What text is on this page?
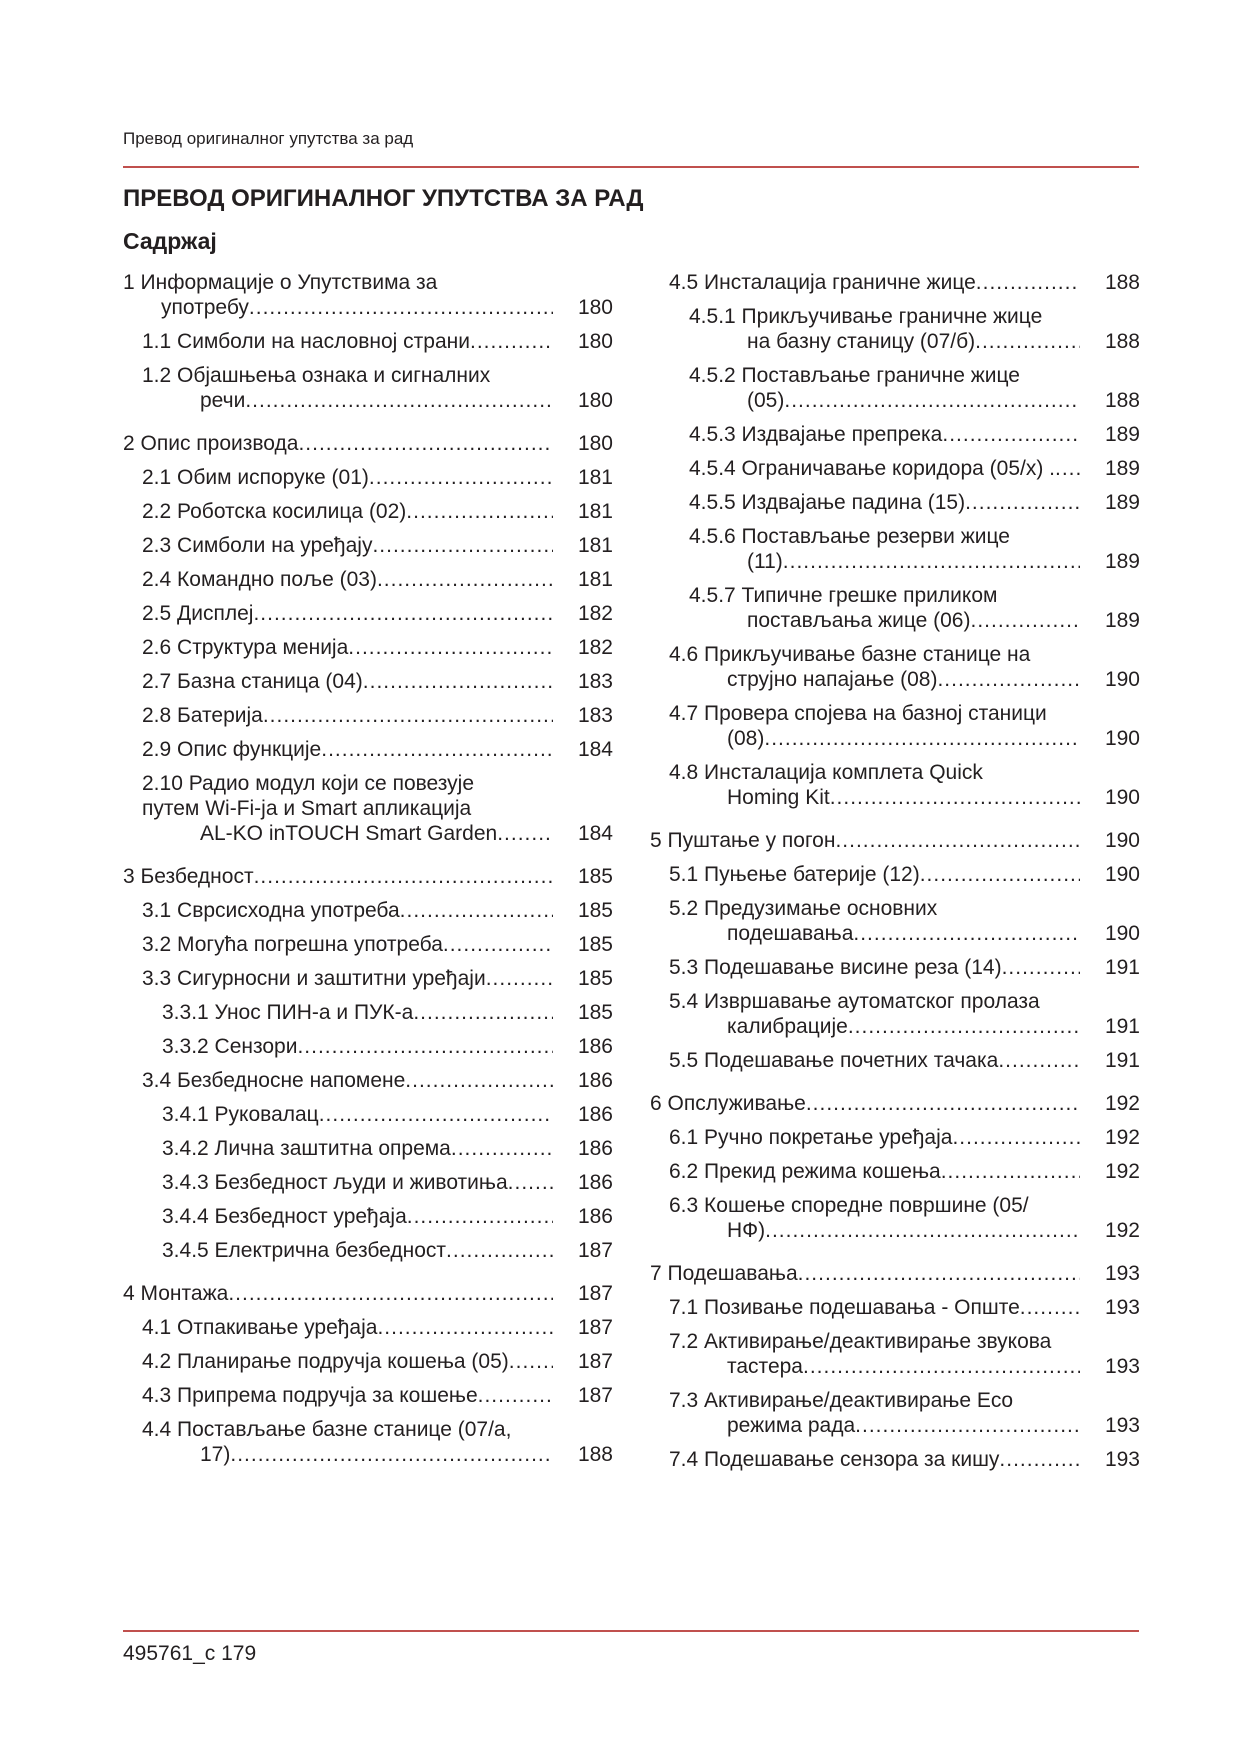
Превод оригиналног упутства за рад
ПРЕВОД ОРИГИНАЛНОГ УПУТСТВА ЗА РАД
Садржај
1 Информације о Упутствима за
употребу .....	180
1.1 Симболи на насловној страни .....	180
1.2 Објашњења ознака и сигналних
речи .....	180
2 Опис производа .....	180
2.1 Обим испоруке (01) .....	181
2.2 Роботска косилица (02) .....	181
2.3 Симболи на уређају .....	181
2.4 Командно поље (03) .....	181
2.5 Дисплеј .....	182
2.6 Структура менија .....	182
2.7 Базна станица (04) .....	183
2.8 Батерија .....	183
2.9 Опис функције .....	184
2.10 Радио модул који се повезује
путем Wi-Fi-ја и Smart апликација
AL-KO inTOUCH Smart Garden .....	184
3 Безбедност .....	185
3.1 Сврсисходна употреба .....	185
3.2 Могућа погрешна употреба .....	185
3.3 Сигурносни и заштитни уређаји .....	185
3.3.1 Унос ПИН-а и ПУК-а .....	185
3.3.2 Сензори .....	186
3.4 Безбедносне напомене .....	186
3.4.1 Руковалац .....	186
3.4.2 Лична заштитна опрема .....	186
3.4.3 Безбедност људи и животиња .....	186
3.4.4 Безбедност уређаја .....	186
3.4.5 Електрична безбедност .....	187
4 Монтажа .....	187
4.1 Отпакивање уређаја .....	187
4.2 Планирање подручја кошења (05) .....	187
4.3 Припрема подручја за кошење .....	187
4.4 Постављање базне станице (07/a,
17) .....	188
4.5 Инсталација граничне жице .....	188
4.5.1 Прикључивање граничне жице
на базну станицу (07/б) .....	188
4.5.2 Постављање граничне жице
(05) .....	188
4.5.3 Издвајање препрека .....	189
4.5.4 Ограничавање коридора (05/x) . .....	189
4.5.5 Издвајање падина (15) .....	189
4.5.6 Постављање резерви жице
(11) .....	189
4.5.7 Типичне грешке приликом
постављања жице (06) .....	189
4.6 Прикључивање базне станице на
струјно напајање (08) .....	190
4.7 Провера спојева на базној станици
(08) .....	190
4.8 Инсталација комплета Quick
Homing Kit .....	190
5 Пуштање у погон .....	190
5.1 Пуњење батерије (12) .....	190
5.2 Предузимање основних
подешавања .....	190
5.3 Подешавање висине реза (14) .....	191
5.4 Извршавање аутоматског пролаза
калибрације .....	191
5.5 Подешавање почетних тачака .....	191
6 Опслуживање .....	192
6.1 Ручно покретање уређаја .....	192
6.2 Прекид режима кошења .....	192
6.3 Кошење споредне површине (05/
НФ) .....	192
7 Подешавања .....	193
7.1 Позивање подешавања - Опште .....	193
7.2 Активирање/деактивирање звукова
тастера .....	193
7.3 Активирање/деактивирање Eco
режима рада .....	193
7.4 Подешавање сензора за кишу .....	193
495761_c 179
